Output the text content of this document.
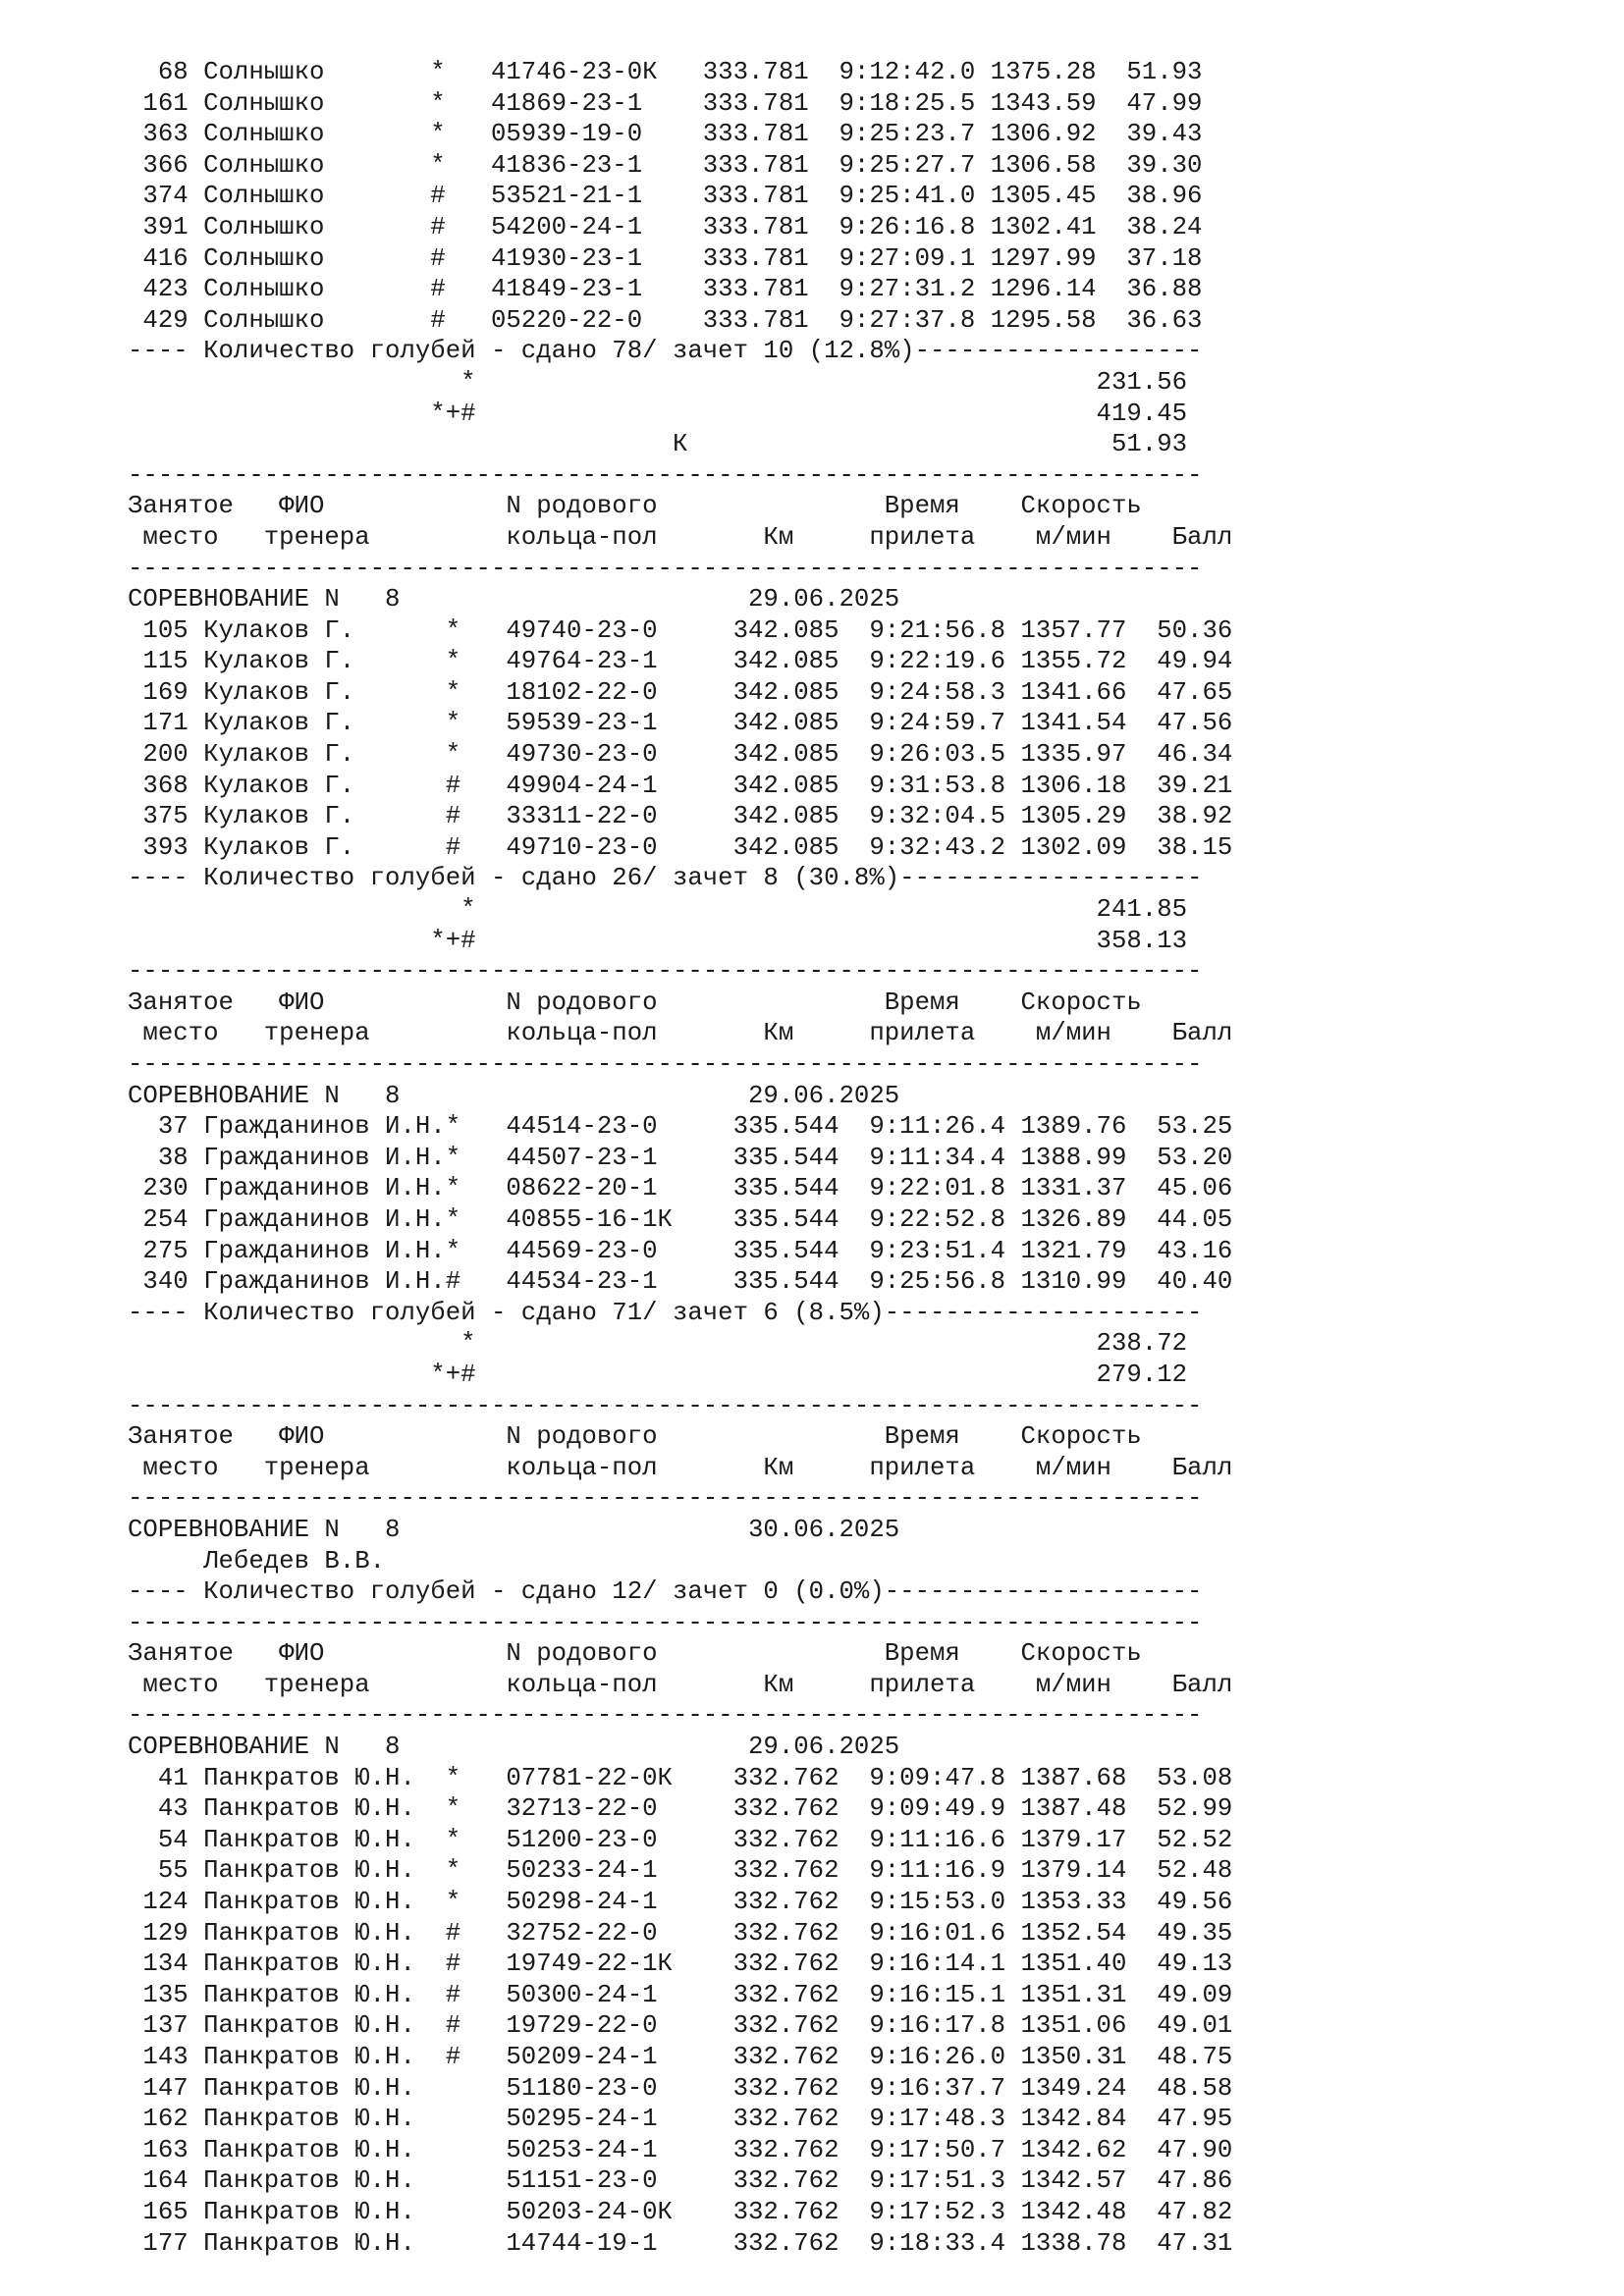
68 Солнышко       *   41746-23-0К   333.781  9:12:42.0 1375.28  51.93
161 Солнышко       *   41869-23-1    333.781  9:18:25.5 1343.59  47.99
363 Солнышко       *   05939-19-0    333.781  9:25:23.7 1306.92  39.43
366 Солнышко       *   41836-23-1    333.781  9:25:27.7 1306.58  39.30
374 Солнышко       #   53521-21-1    333.781  9:25:41.0 1305.45  38.96
391 Солнышко       #   54200-24-1    333.781  9:26:16.8 1302.41  38.24
416 Солнышко       #   41930-23-1    333.781  9:27:09.1 1297.99  37.18
423 Солнышко       #   41849-23-1    333.781  9:27:31.2 1296.14  36.88
429 Солнышко       #   05220-22-0    333.781  9:27:37.8 1295.58  36.63
---- Количество голубей - сдано 78/ зачет 10 (12.8%)-------------------
*                                         231.56
*+#                                         419.45
К                            51.93
-----------------------------------------------------------------------
Занятое   ФИО            N родового               Время    Скорость
место   тренера         кольца-пол       Км     прилета    м/мин    Балл
-----------------------------------------------------------------------
СОРЕВНОВАНИЕ N   8                       29.06.2025
105 Кулаков Г.      *   49740-23-0     342.085  9:21:56.8 1357.77  50.36
115 Кулаков Г.      *   49764-23-1     342.085  9:22:19.6 1355.72  49.94
169 Кулаков Г.      *   18102-22-0     342.085  9:24:58.3 1341.66  47.65
171 Кулаков Г.      *   59539-23-1     342.085  9:24:59.7 1341.54  47.56
200 Кулаков Г.      *   49730-23-0     342.085  9:26:03.5 1335.97  46.34
368 Кулаков Г.      #   49904-24-1     342.085  9:31:53.8 1306.18  39.21
375 Кулаков Г.      #   33311-22-0     342.085  9:32:04.5 1305.29  38.92
393 Кулаков Г.      #   49710-23-0     342.085  9:32:43.2 1302.09  38.15
---- Количество голубей - сдано 26/ зачет 8 (30.8%)--------------------
*                                         241.85
*+#                                         358.13
-----------------------------------------------------------------------
Занятое   ФИО            N родового               Время    Скорость
место   тренера         кольца-пол       Км     прилета    м/мин    Балл
-----------------------------------------------------------------------
СОРЕВНОВАНИЕ N   8                       29.06.2025
37 Гражданинов И.Н.*   44514-23-0     335.544  9:11:26.4 1389.76  53.25
38 Гражданинов И.Н.*   44507-23-1     335.544  9:11:34.4 1388.99  53.20
230 Гражданинов И.Н.*   08622-20-1     335.544  9:22:01.8 1331.37  45.06
254 Гражданинов И.Н.*   40855-16-1К    335.544  9:22:52.8 1326.89  44.05
275 Гражданинов И.Н.*   44569-23-0     335.544  9:23:51.4 1321.79  43.16
340 Гражданинов И.Н.#   44534-23-1     335.544  9:25:56.8 1310.99  40.40
---- Количество голубей - сдано 71/ зачет 6 (8.5%)---------------------
*                                         238.72
*+#                                         279.12
-----------------------------------------------------------------------
Занятое   ФИО            N родового               Время    Скорость
место   тренера         кольца-пол       Км     прилета    м/мин    Балл
-----------------------------------------------------------------------
СОРЕВНОВАНИЕ N   8                       30.06.2025
Лебедев В.В.
---- Количество голубей - сдано 12/ зачет 0 (0.0%)---------------------
-----------------------------------------------------------------------
Занятое   ФИО            N родового               Время    Скорость
место   тренера         кольца-пол       Км     прилета    м/мин    Балл
-----------------------------------------------------------------------
СОРЕВНОВАНИЕ N   8                       29.06.2025
41 Панкратов Ю.Н.  *   07781-22-0К    332.762  9:09:47.8 1387.68  53.08
43 Панкратов Ю.Н.  *   32713-22-0     332.762  9:09:49.9 1387.48  52.99
54 Панкратов Ю.Н.  *   51200-23-0     332.762  9:11:16.6 1379.17  52.52
55 Панкратов Ю.Н.  *   50233-24-1     332.762  9:11:16.9 1379.14  52.48
124 Панкратов Ю.Н.  *   50298-24-1     332.762  9:15:53.0 1353.33  49.56
129 Панкратов Ю.Н.  #   32752-22-0     332.762  9:16:01.6 1352.54  49.35
134 Панкратов Ю.Н.  #   19749-22-1К    332.762  9:16:14.1 1351.40  49.13
135 Панкратов Ю.Н.  #   50300-24-1     332.762  9:16:15.1 1351.31  49.09
137 Панкратов Ю.Н.  #   19729-22-0     332.762  9:16:17.8 1351.06  49.01
143 Панкратов Ю.Н.  #   50209-24-1     332.762  9:16:26.0 1350.31  48.75
147 Панкратов Ю.Н.      51180-23-0     332.762  9:16:37.7 1349.24  48.58
162 Панкратов Ю.Н.      50295-24-1     332.762  9:17:48.3 1342.84  47.95
163 Панкратов Ю.Н.      50253-24-1     332.762  9:17:50.7 1342.62  47.90
164 Панкратов Ю.Н.      51151-23-0     332.762  9:17:51.3 1342.57  47.86
165 Панкратов Ю.Н.      50203-24-0К    332.762  9:17:52.3 1342.48  47.82
177 Панкратов Ю.Н.      14744-19-1     332.762  9:18:33.4 1338.78  47.31
